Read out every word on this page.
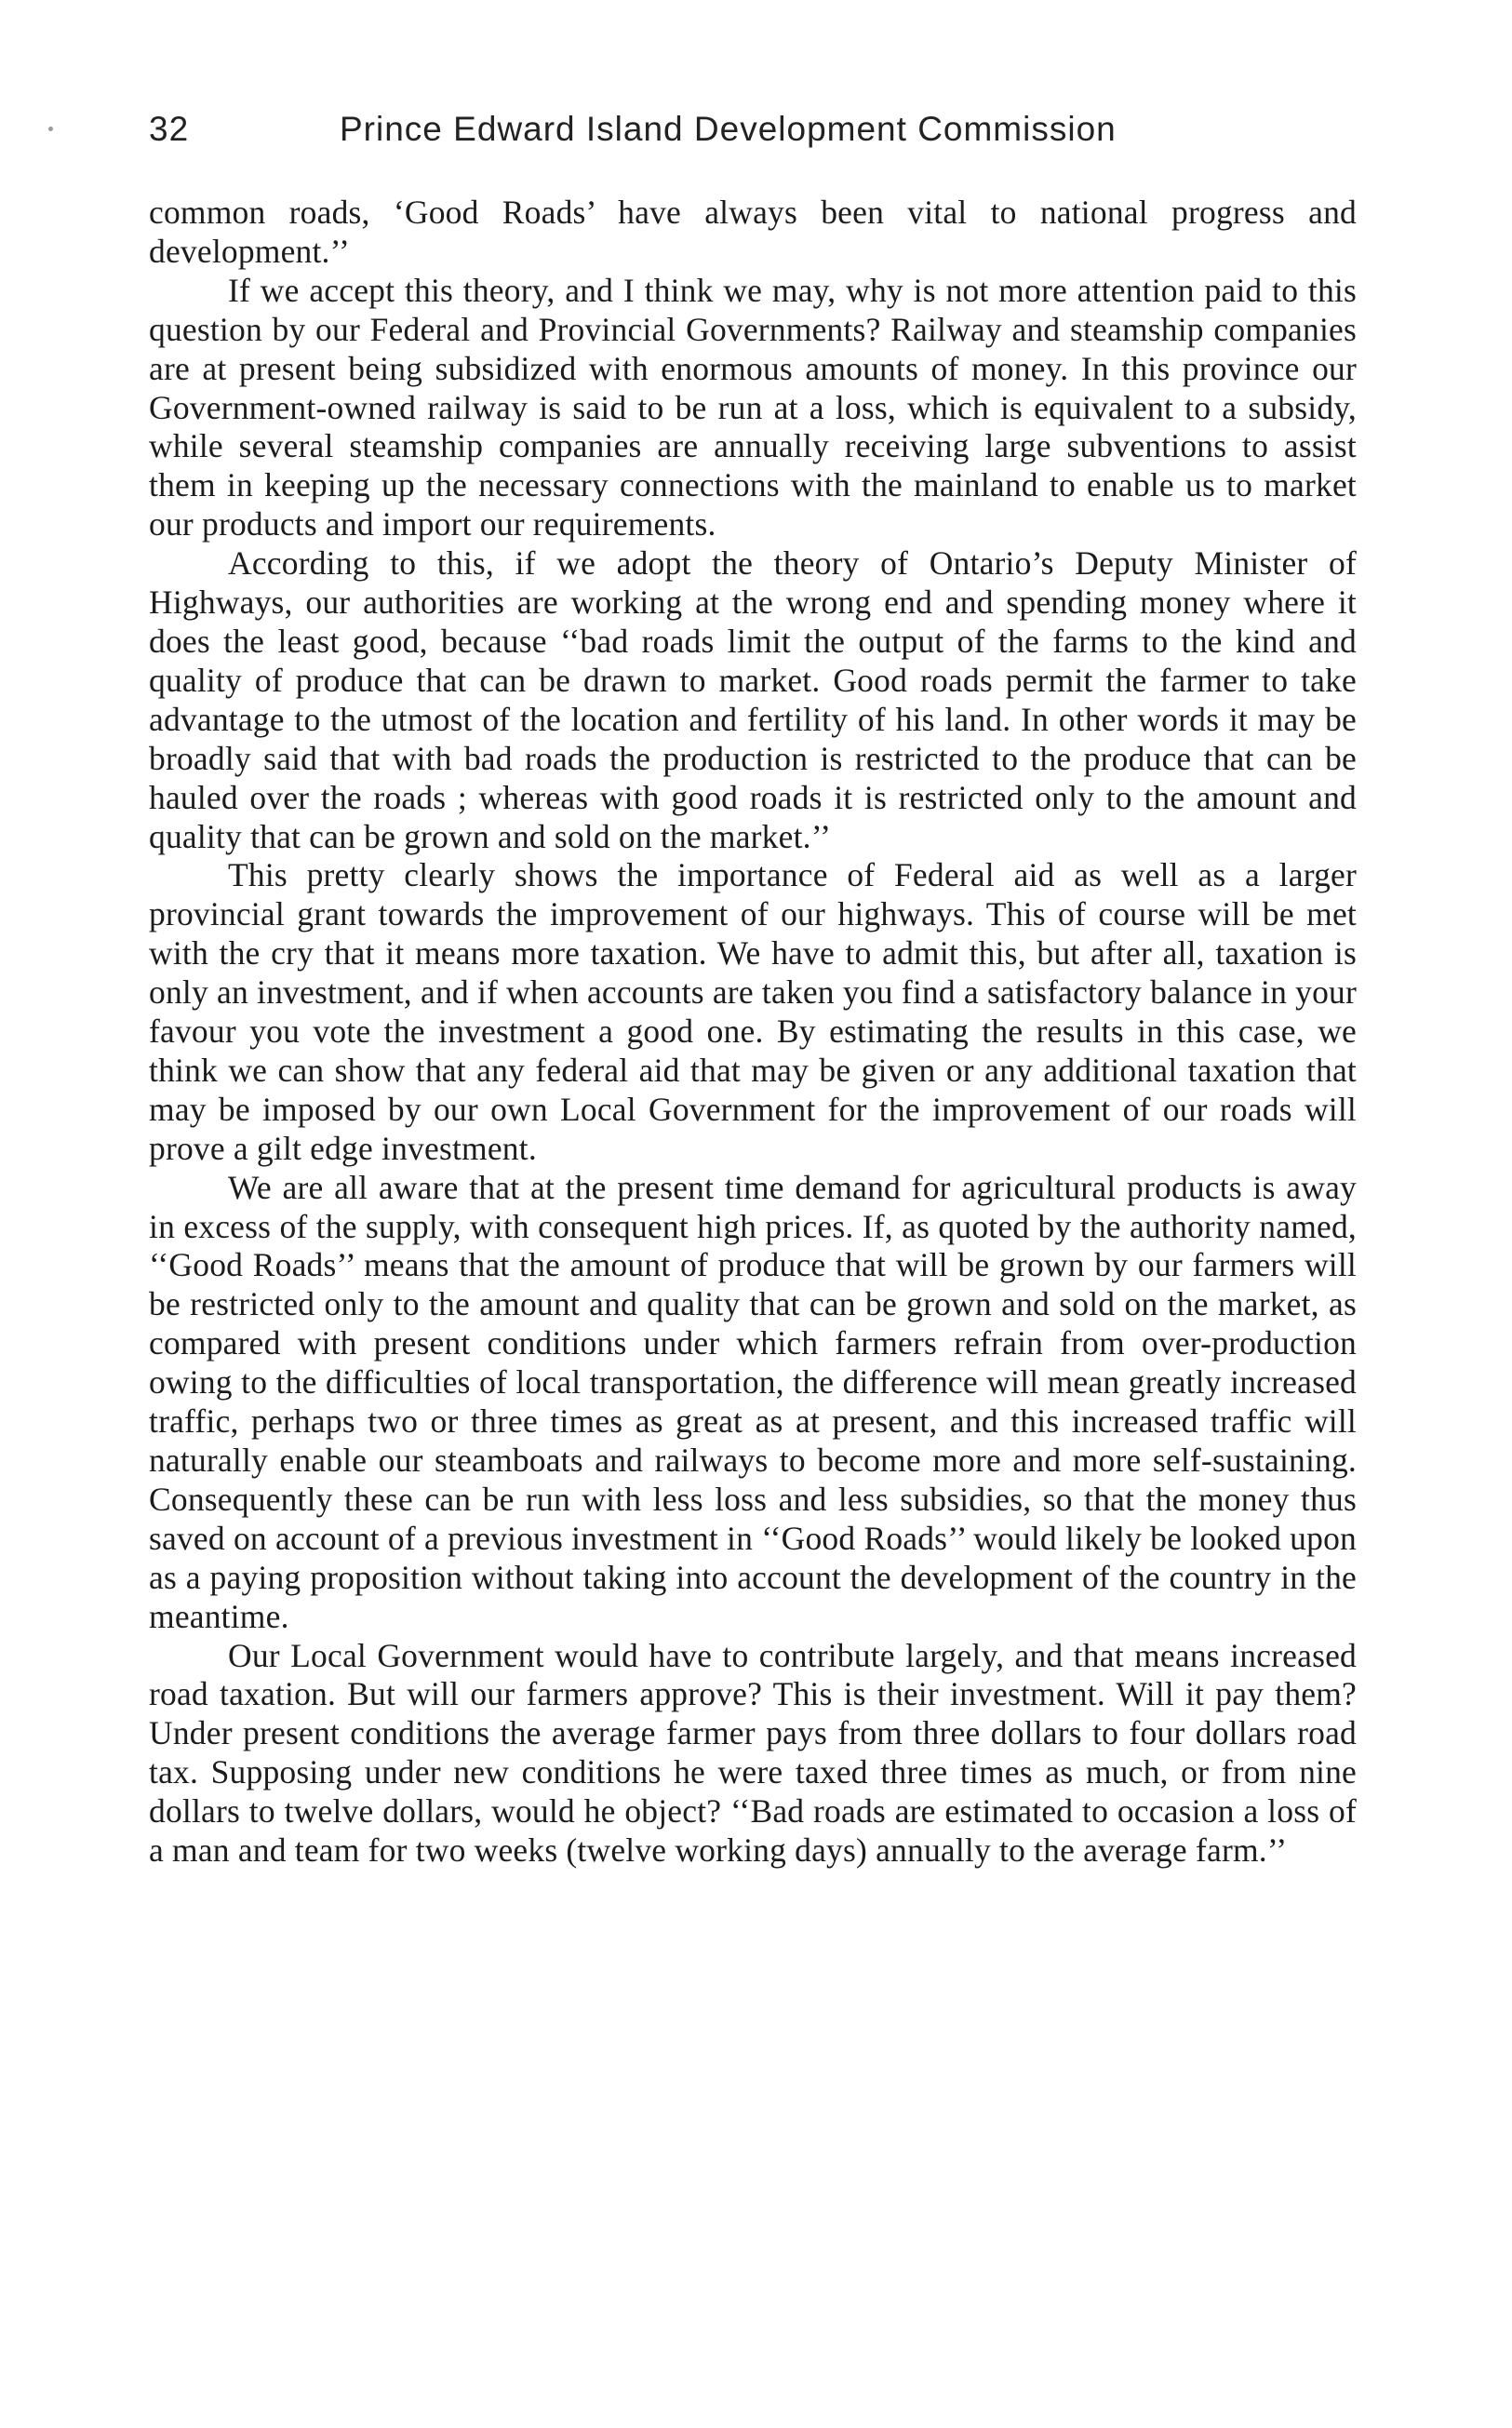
32	Prince Edward Island Development Commission

common roads, ‘Good Roads’ have always been vital to national progress and development.’’

If we accept this theory, and I think we may, why is not more attention paid to this question by our Federal and Provincial Governments? Railway and steamship companies are at present being subsidized with enormous amounts of money. In this province our Government-owned railway is said to be run at a loss, which is equivalent to a subsidy, while several steamship companies are annually receiving large subventions to assist them in keeping up the necessary connections with the mainland to enable us to market our products and import our requirements.

According to this, if we adopt the theory of Ontario’s Deputy Minister of Highways, our authorities are working at the wrong end and spending money where it does the least good, because ‘‘bad roads limit the output of the farms to the kind and quality of produce that can be drawn to market. Good roads permit the farmer to take advantage to the utmost of the location and fertility of his land. In other words it may be broadly said that with bad roads the production is restricted to the produce that can be hauled over the roads ; whereas with good roads it is restricted only to the amount and quality that can be grown and sold on the market.’’

This pretty clearly shows the importance of Federal aid as well as a larger provincial grant towards the improvement of our highways. This of course will be met with the cry that it means more taxation. We have to admit this, but after all, taxation is only an investment, and if when accounts are taken you find a satisfactory balance in your favour you vote the investment a good one. By estimating the results in this case, we think we can show that any federal aid that may be given or any additional taxation that may be imposed by our own Local Government for the improvement of our roads will prove a gilt edge investment.

We are all aware that at the present time demand for agricultural products is away in excess of the supply, with consequent high prices. If, as quoted by the authority named, ‘‘Good Roads’’ means that the amount of produce that will be grown by our farmers will be restricted only to the amount and quality that can be grown and sold on the market, as compared with present conditions under which farmers refrain from over-production owing to the difficulties of local transportation, the difference will mean greatly increased traffic, perhaps two or three times as great as at present, and this increased traffic will naturally enable our steamboats and railways to become more and more self-sustaining. Consequently these can be run with less loss and less subsidies, so that the money thus saved on account of a previous investment in ‘‘Good Roads’’ would likely be looked upon as a paying proposition without taking into account the development of the country in the meantime.

Our Local Government would have to contribute largely, and that means increased road taxation. But will our farmers approve? This is their investment. Will it pay them? Under present conditions the average farmer pays from three dollars to four dollars road tax. Supposing under new conditions he were taxed three times as much, or from nine dollars to twelve dollars, would he object? ‘‘Bad roads are estimated to occasion a loss of a man and team for two weeks (twelve working days) annually to the average farm.’’
